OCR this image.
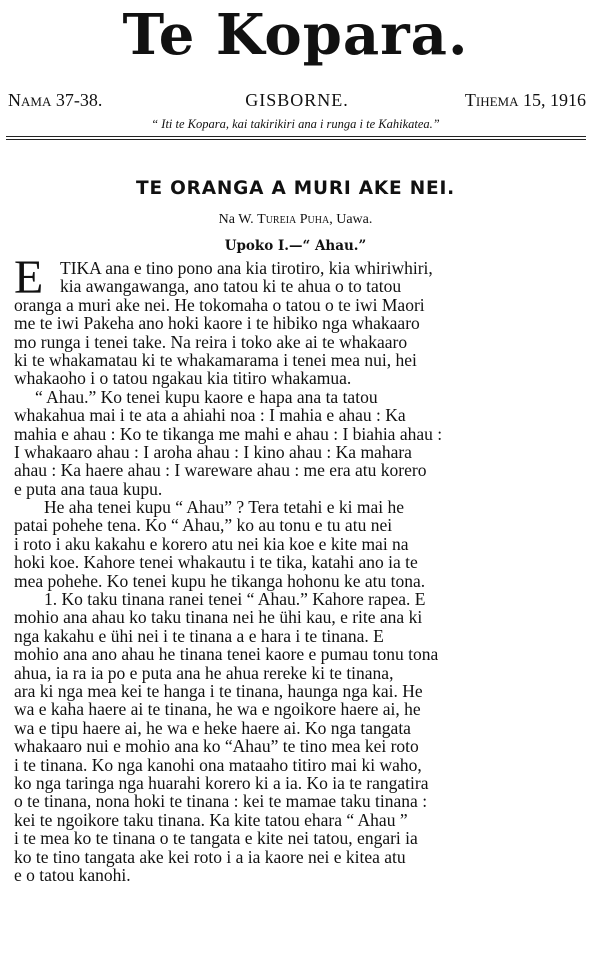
Te Kopara.
Nama 37-38.	GISBORNE.	Tihema 15, 1916
“ Iti te Kopara, kai takirikiri ana i runga i te Kahikatea.”
TE ORANGA A MURI AKE NEI.
Na W. Tureia Puha, Uawa.
Upoko I.—“ Ahau.”
E TIKA ana e tino pono ana kia tirotiro, kia whiriwhiri,
kia awangawanga, ano tatou ki te ahua o to tatou
oranga a muri ake nei. He tokomaha o tatou o te iwi Maori
me te iwi Pakeha ano hoki kaore i te hibiko nga whakaaro
mo runga i tenei take. Na reira i toko ake ai te whakaaro
ki te whakamatau ki te whakamarama i tenei mea nui, hei
whakaoho i o tatou ngakau kia titiro whakamua.
“ Ahau.” Ko tenei kupu kaore e hapa ana ta tatou
whakahua mai i te ata a ahiahi noa : I mahia e ahau : Ka
mahia e ahau : Ko te tikanga me mahi e ahau : I biahia ahau :
I whakaaro ahau : I aroha ahau : I kino ahau : Ka mahara
ahau : Ka haere ahau : I wareware ahau : me era atu korero
e puta ana taua kupu.
He aha tenei kupu “ Ahau” ? Tera tetahi e ki mai he
patai pohehe tena. Ko “ Ahau,” ko au tonu e tu atu nei
i roto i aku kakahu e korero atu nei kia koe e kite mai na
hoki koe. Kahore tenei whakautu i te tika, katahi ano ia te
mea pohehe. Ko tenei kupu he tikanga hohonu ke atu tona.
1. Ko taku tinana ranei tenei “ Ahau.” Kahore rapea. E
mohio ana ahau ko taku tinana nei he ühi kau, e rite ana ki
nga kakahu e ühi nei i te tinana a e hara i te tinana. E
mohio ana ano ahau he tinana tenei kaore e pumau tonu tona
ahua, ia ra ia po e puta ana he ahua rereke ki te tinana,
ara ki nga mea kei te hanga i te tinana, haunga nga kai. He
wa e kaha haere ai te tinana, he wa e ngoikore haere ai, he
wa e tipu haere ai, he wa e heke haere ai. Ko nga tangata
whakaaro nui e mohio ana ko “Ahau” te tino mea kei roto
i te tinana. Ko nga kanohi ona mataaho titiro mai ki waho,
ko nga taringa nga huarahi korero ki a ia. Ko ia te rangatira
o te tinana, nona hoki te tinana : kei te mamae taku tinana :
kei te ngoikore taku tinana. Ka kite tatou ehara “ Ahau ”
i te mea ko te tinana o te tangata e kite nei tatou, engari ia
ko te tino tangata ake kei roto i a ia kaore nei e kitea atu
e o tatou kanohi.
